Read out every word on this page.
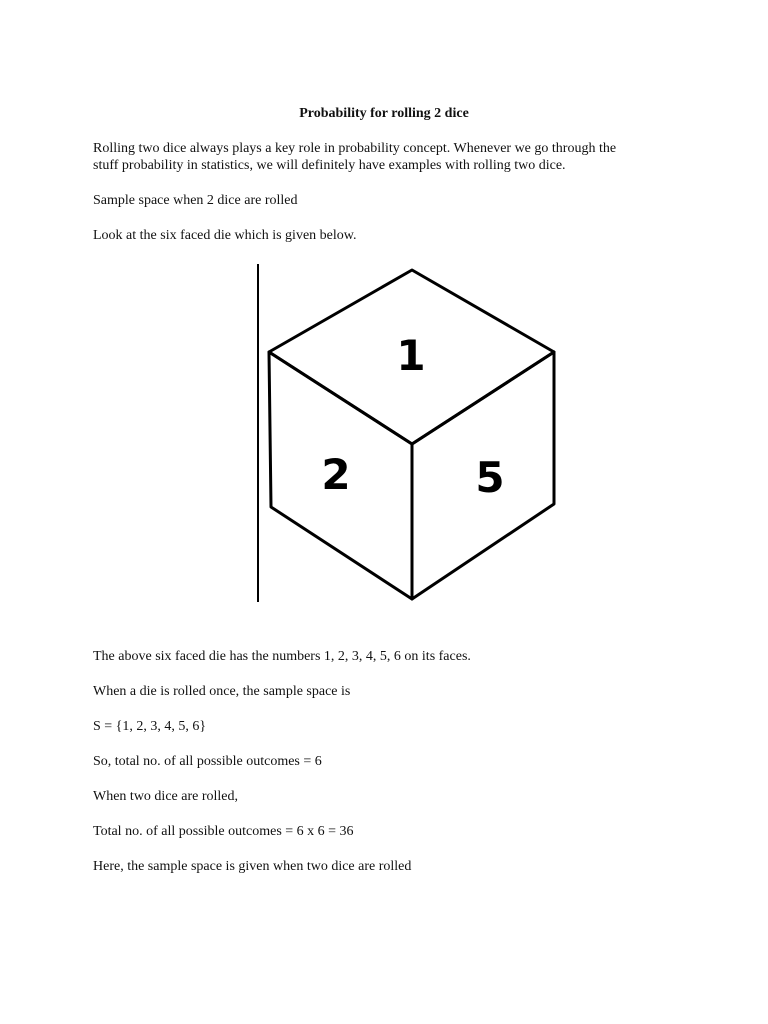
Probability for rolling 2 dice
Rolling two dice always plays a key role in probability concept. Whenever we go through the
stuff probability in statistics, we will definitely have examples with rolling two dice.
Sample space when 2 dice are rolled
Look at the six faced die which is given below.
1
2	5
The above six faced die has the numbers 1, 2, 3, 4, 5, 6 on its faces.
When a die is rolled once, the sample space is
S = {1, 2, 3, 4, 5, 6}
So, total no. of all possible outcomes = 6
When two dice are rolled,
Total no. of all possible outcomes = 6 x 6 = 36
Here, the sample space is given when two dice are rolled
